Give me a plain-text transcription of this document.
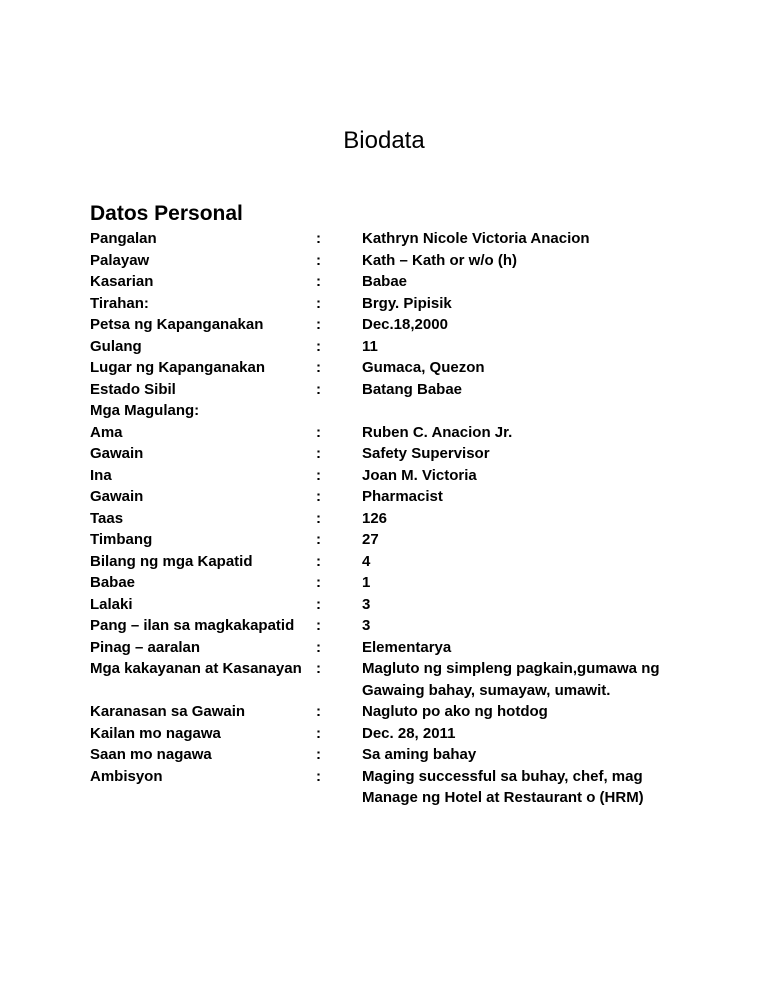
Biodata
Datos Personal
Pangalan	:	Kathryn Nicole Victoria Anacion
Palayaw	:	Kath – Kath or w/o (h)
Kasarian	:	Babae
Tirahan:	:	Brgy. Pipisik
Petsa ng Kapanganakan	:	Dec.18,2000
Gulang	:	11
Lugar ng Kapanganakan	:	Gumaca, Quezon
Estado Sibil	:	Batang Babae
Mga Magulang:
Ama	:	Ruben C. Anacion Jr.
Gawain	:	Safety Supervisor
Ina	:	Joan M. Victoria
Gawain	:	Pharmacist
Taas	:	126
Timbang	:	27
Bilang ng mga Kapatid	:	4
Babae	:	1
Lalaki	:	3
Pang – ilan sa magkakapatid :	3
Pinag – aaralan	:	Elementarya
Mga kakayanan at Kasanayan :	Magluto ng simpleng pagkain,gumawa ng
Gawaing bahay, sumayaw, umawit.
Karanasan sa Gawain	:	Nagluto po ako ng hotdog
Kailan mo nagawa	:	Dec. 28, 2011
Saan mo nagawa	:	Sa aming bahay
Ambisyon	:	Maging successful sa buhay, chef, mag
Manage ng Hotel at Restaurant o (HRM)
